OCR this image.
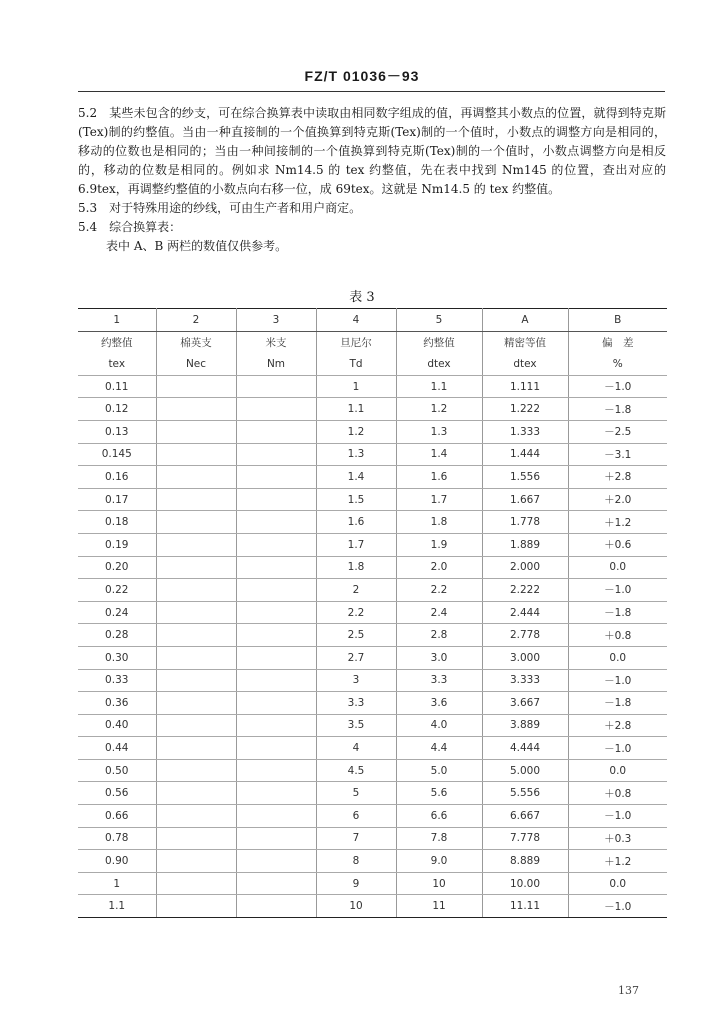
FZ/T 01036－93

5.2　某些未包含的纱支，可在综合换算表中读取由相同数字组成的值，再调整其小数点的位置，就得到特克斯(Tex)制的约整值。当由一种直接制的一个值换算到特克斯(Tex)制的一个值时，小数点的调整方向是相同的，移动的位数也是相同的；当由一种间接制的一个值换算到特克斯(Tex)制的一个值时，小数点调整方向是相反的，移动的位数是相同的。例如求 Nm14.5 的 tex 约整值，先在表中找到 Nm145 的位置，查出对应的 6.9tex，再调整约整值的小数点向右移一位，成 69tex。这就是 Nm14.5 的 tex 约整值。

5.3　对于特殊用途的纱线，可由生产者和用户商定。

5.4　综合换算表：

表中 A、B 两栏的数值仅供参考。

表 3
1	2	3	4	5	A	B
约整值	棉英支	米支	旦尼尔	约整值	精密等值	偏　差
tex	Nec	Nm	Td	dtex	dtex	%
0.11			1	1.1	1.111	－1.0
0.12			1.1	1.2	1.222	－1.8
0.13			1.2	1.3	1.333	－2.5
0.145			1.3	1.4	1.444	－3.1
0.16			1.4	1.6	1.556	＋2.8
0.17			1.5	1.7	1.667	＋2.0
0.18			1.6	1.8	1.778	＋1.2
0.19			1.7	1.9	1.889	＋0.6
0.20			1.8	2.0	2.000	0.0
0.22			2	2.2	2.222	－1.0
0.24			2.2	2.4	2.444	－1.8
0.28			2.5	2.8	2.778	＋0.8
0.30			2.7	3.0	3.000	0.0
0.33			3	3.3	3.333	－1.0
0.36			3.3	3.6	3.667	－1.8
0.40			3.5	4.0	3.889	＋2.8
0.44			4	4.4	4.444	－1.0
0.50			4.5	5.0	5.000	0.0
0.56			5	5.6	5.556	＋0.8
0.66			6	6.6	6.667	－1.0
0.78			7	7.8	7.778	＋0.3
0.90			8	9.0	8.889	＋1.2
1			9	10	10.00	0.0
1.1			10	11	11.11	－1.0
137
